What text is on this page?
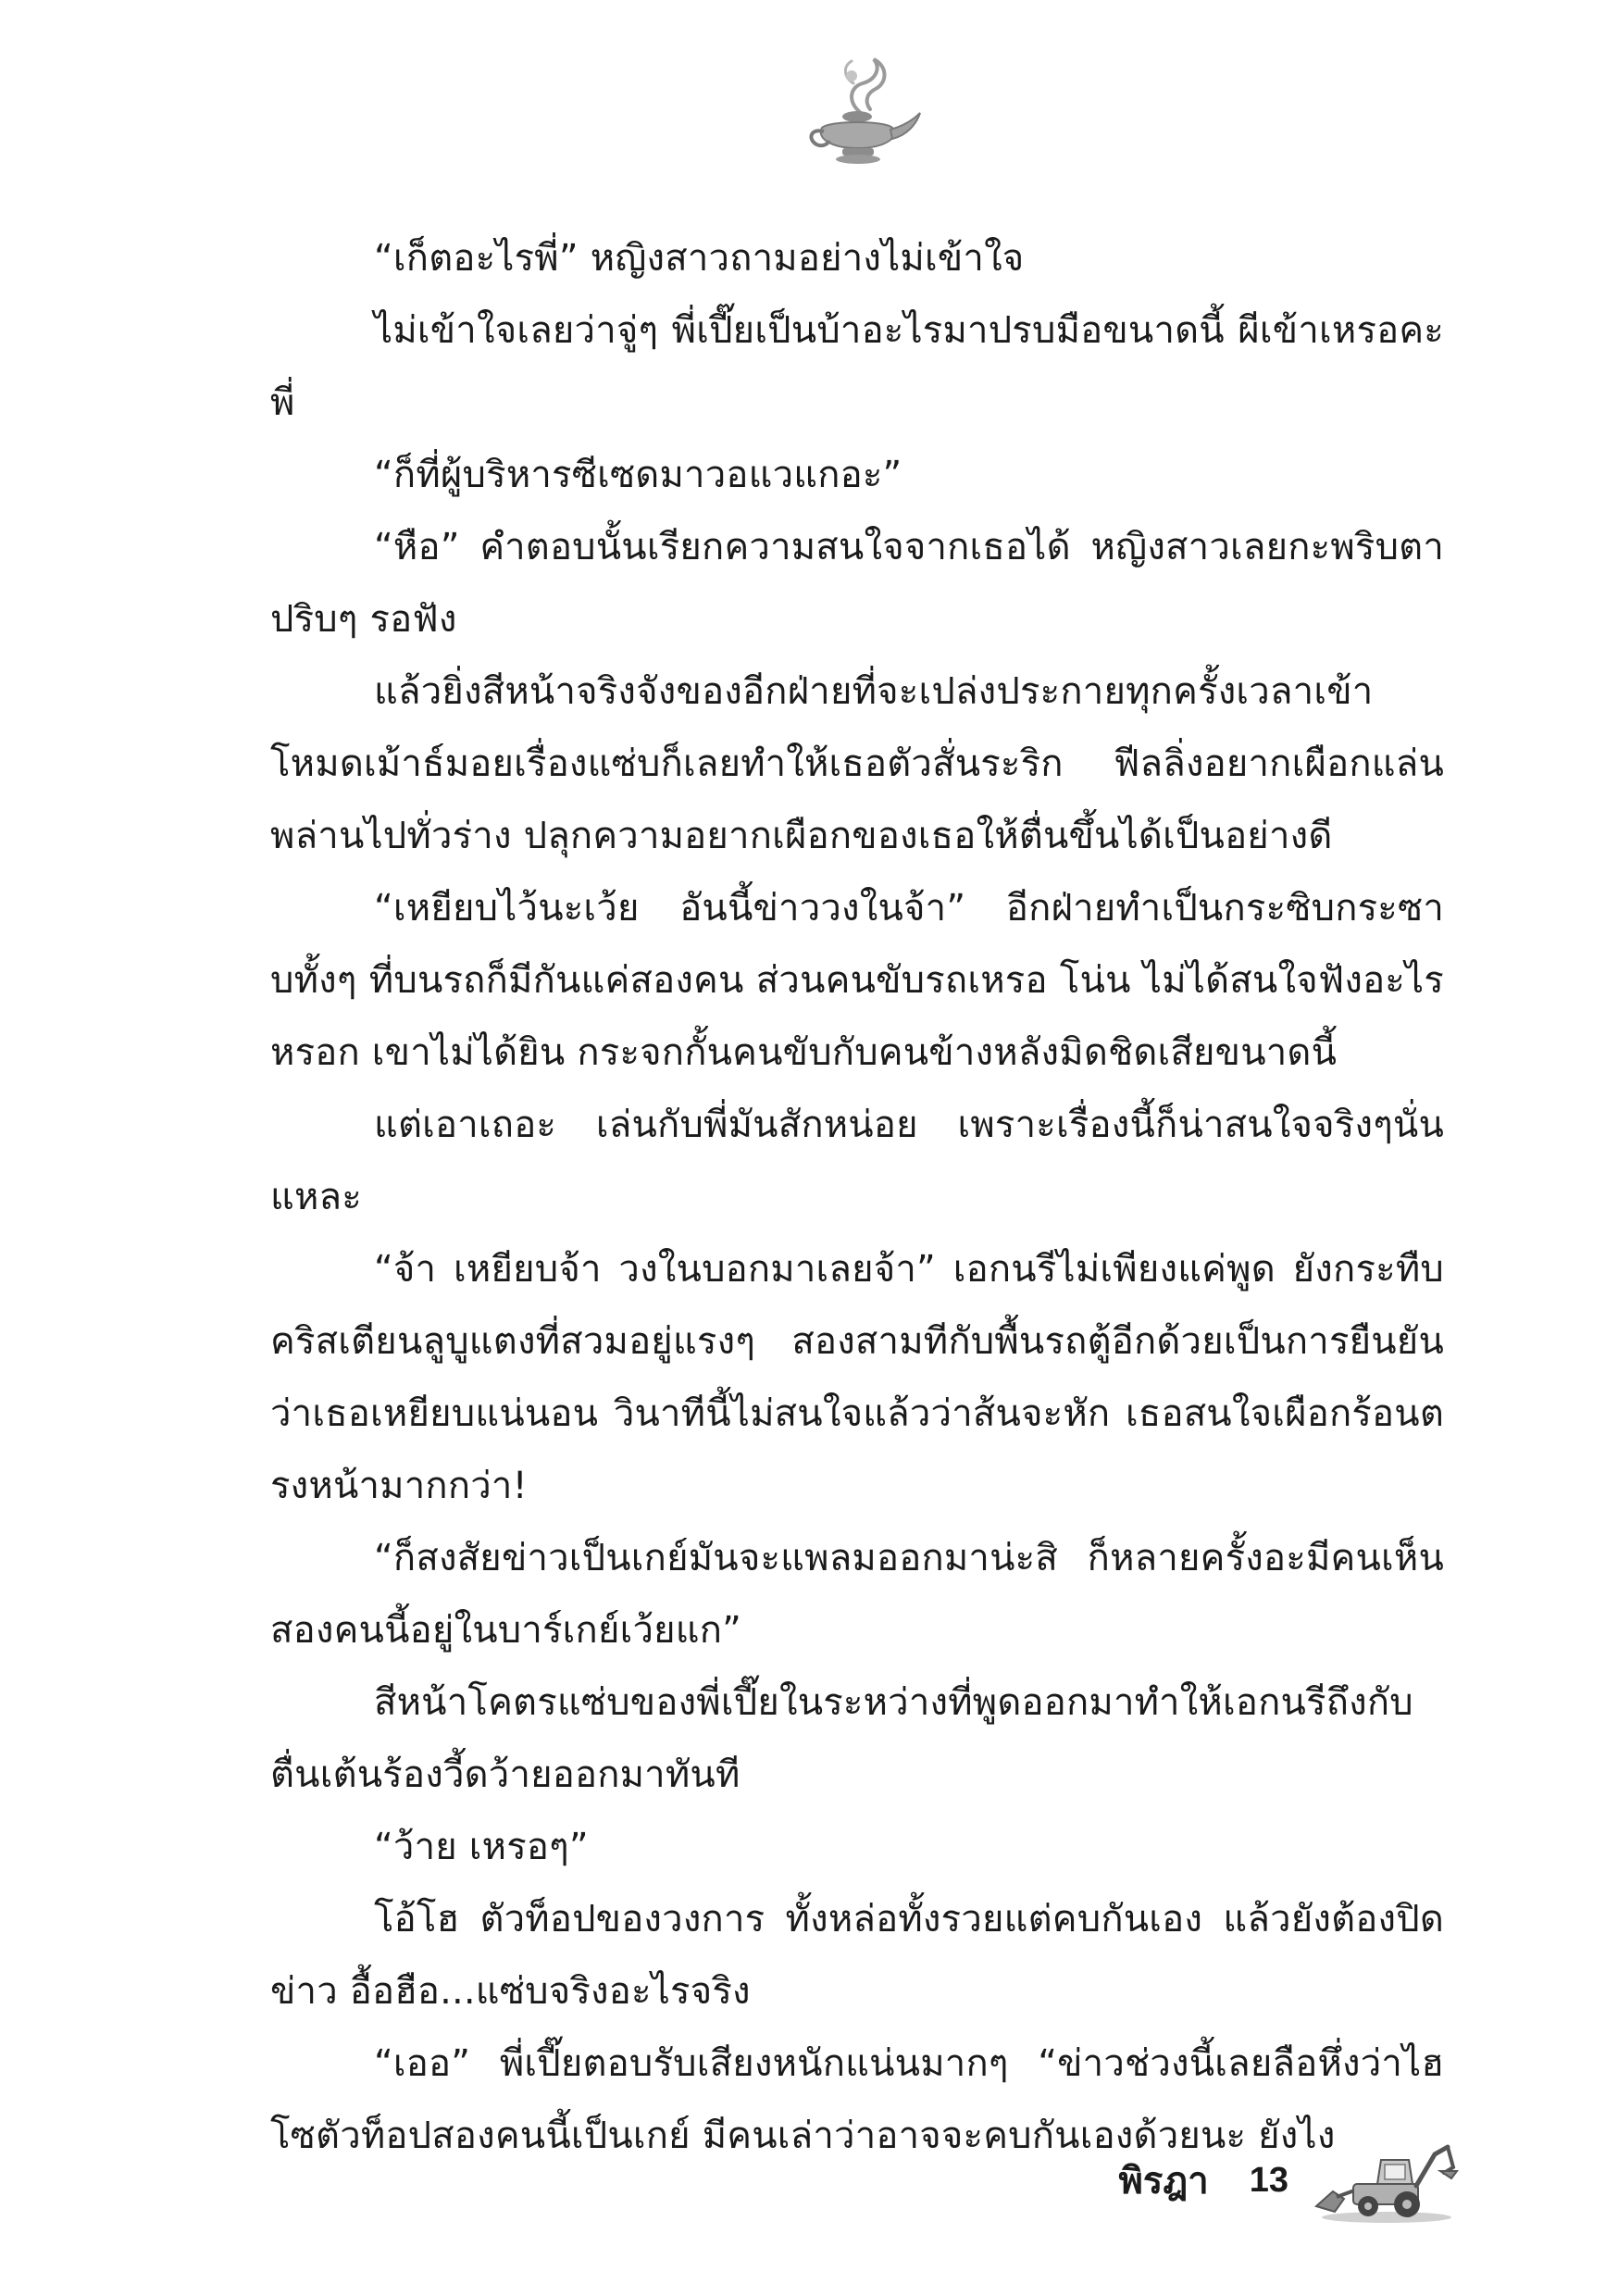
“เก็ตอะไรพี่” หญิงสาวถามอย่างไม่เข้าใจ

ไม่เข้าใจเลยว่าจู่ๆ พี่เปี๊ยเป็นบ้าอะไรมาปรบมือขนาดนี้ ผีเข้าเหรอคะพี่

“ก็ที่ผู้บริหารซีเซดมาวอแวแกอะ”

“หือ” คำตอบนั้นเรียกความสนใจจากเธอได้ หญิงสาวเลยกะพริบตาปริบๆ รอฟัง

แล้วยิ่งสีหน้าจริงจังของอีกฝ่ายที่จะเปล่งประกายทุกครั้งเวลาเข้าโหมดเม้าธ์มอยเรื่องแซ่บก็เลยทำให้เธอตัวสั่นระริก ฟีลลิ่งอยากเผือกแล่นพล่านไปทั่วร่าง ปลุกความอยากเผือกของเธอให้ตื่นขึ้นได้เป็นอย่างดี

“เหยียบไว้นะเว้ย อันนี้ข่าววงในจ้า” อีกฝ่ายทำเป็นกระซิบกระซาบทั้งๆ ที่บนรถก็มีกันแค่สองคน ส่วนคนขับรถเหรอ โน่น ไม่ได้สนใจฟังอะไรหรอก เขาไม่ได้ยิน กระจกกั้นคนขับกับคนข้างหลังมิดชิดเสียขนาดนี้

แต่เอาเถอะ เล่นกับพี่มันสักหน่อย เพราะเรื่องนี้ก็น่าสนใจจริงๆนั่นแหละ

“จ้า เหยียบจ้า วงในบอกมาเลยจ้า” เอกนรีไม่เพียงแค่พูด ยังกระทืบคริสเตียนลูบูแตงที่สวมอยู่แรงๆ สองสามทีกับพื้นรถตู้อีกด้วยเป็นการยืนยันว่าเธอเหยียบแน่นอน วินาทีนี้ไม่สนใจแล้วว่าส้นจะหัก เธอสนใจเผือกร้อนตรงหน้ามากกว่า!

“ก็สงสัยข่าวเป็นเกย์มันจะแพลมออกมาน่ะสิ ก็หลายครั้งอะมีคนเห็นสองคนนี้อยู่ในบาร์เกย์เว้ยแก”

สีหน้าโคตรแซ่บของพี่เปี๊ยในระหว่างที่พูดออกมาทำให้เอกนรีถึงกับตื่นเต้นร้องวี้ดว้ายออกมาทันที

“ว้าย เหรอๆ”

โอ้โฮ ตัวท็อปของวงการ ทั้งหล่อทั้งรวยแต่คบกันเอง แล้วยังต้องปิดข่าว อื้อฮือ...แซ่บจริงอะไรจริง

“เออ” พี่เปี๊ยตอบรับเสียงหนักแน่นมากๆ “ข่าวช่วงนี้เลยลือหึ่งว่าไฮโซตัวท็อปสองคนนี้เป็นเกย์ มีคนเล่าว่าอาจจะคบกันเองด้วยนะ ยังไง

พิรฎา 13
